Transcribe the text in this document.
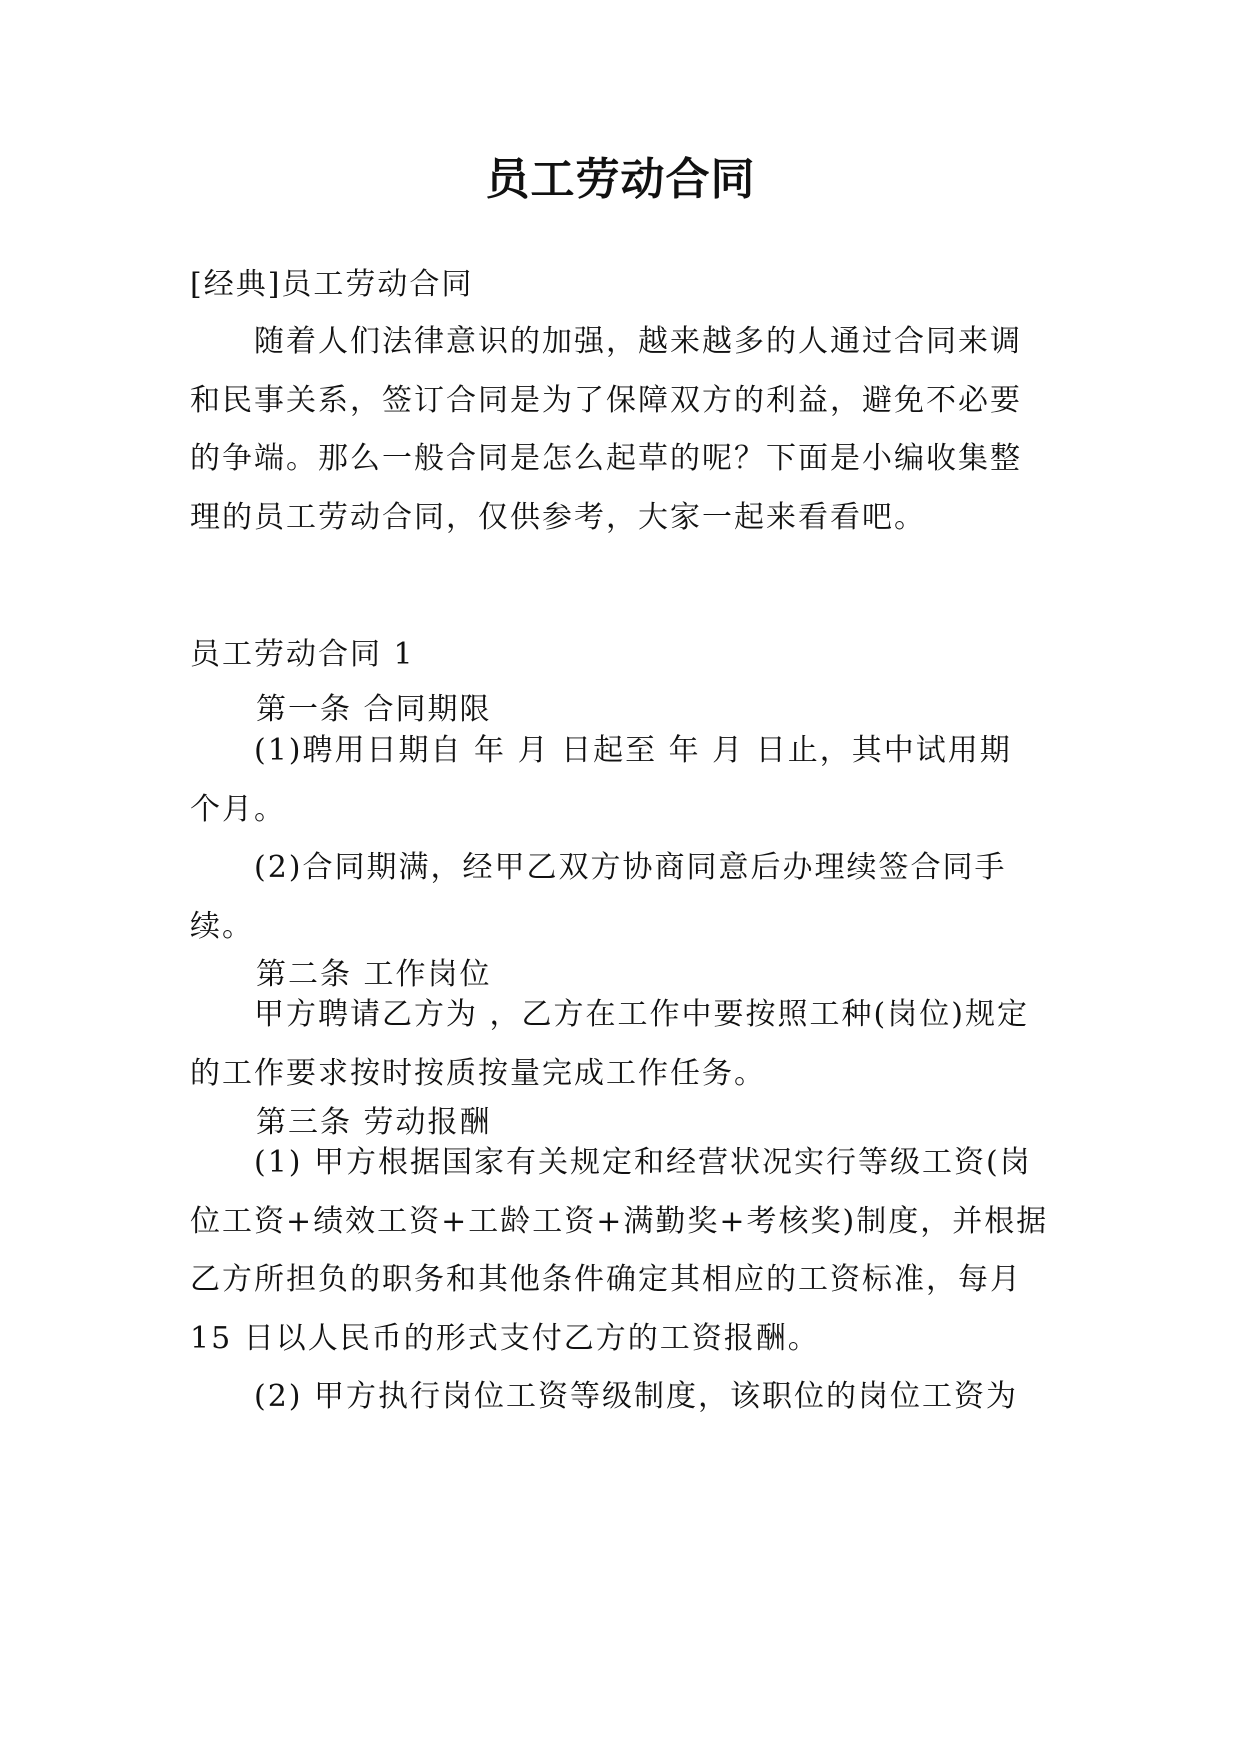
员工劳动合同
[经典]员工劳动合同

随着人们法律意识的加强，越来越多的人通过合同来调和民事关系，签订合同是为了保障双方的利益，避免不必要的争端。那么一般合同是怎么起草的呢？下面是小编收集整理的员工劳动合同，仅供参考，大家一起来看看吧。

员工劳动合同 1
第一条 合同期限

(1)聘用日期自 年 月 日起至 年 月 日止，其中试用期 个月。

(2)合同期满，经甲乙双方协商同意后办理续签合同手续。

第二条 工作岗位

甲方聘请乙方为 ，乙方在工作中要按照工种(岗位)规定的工作要求按时按质按量完成工作任务。

第三条 劳动报酬

(1) 甲方根据国家有关规定和经营状况实行等级工资(岗位工资+绩效工资+工龄工资+满勤奖+考核奖)制度，并根据乙方所担负的职务和其他条件确定其相应的工资标准，每月 15 日以人民币的形式支付乙方的工资报酬。

(2) 甲方执行岗位工资等级制度，该职位的岗位工资为
